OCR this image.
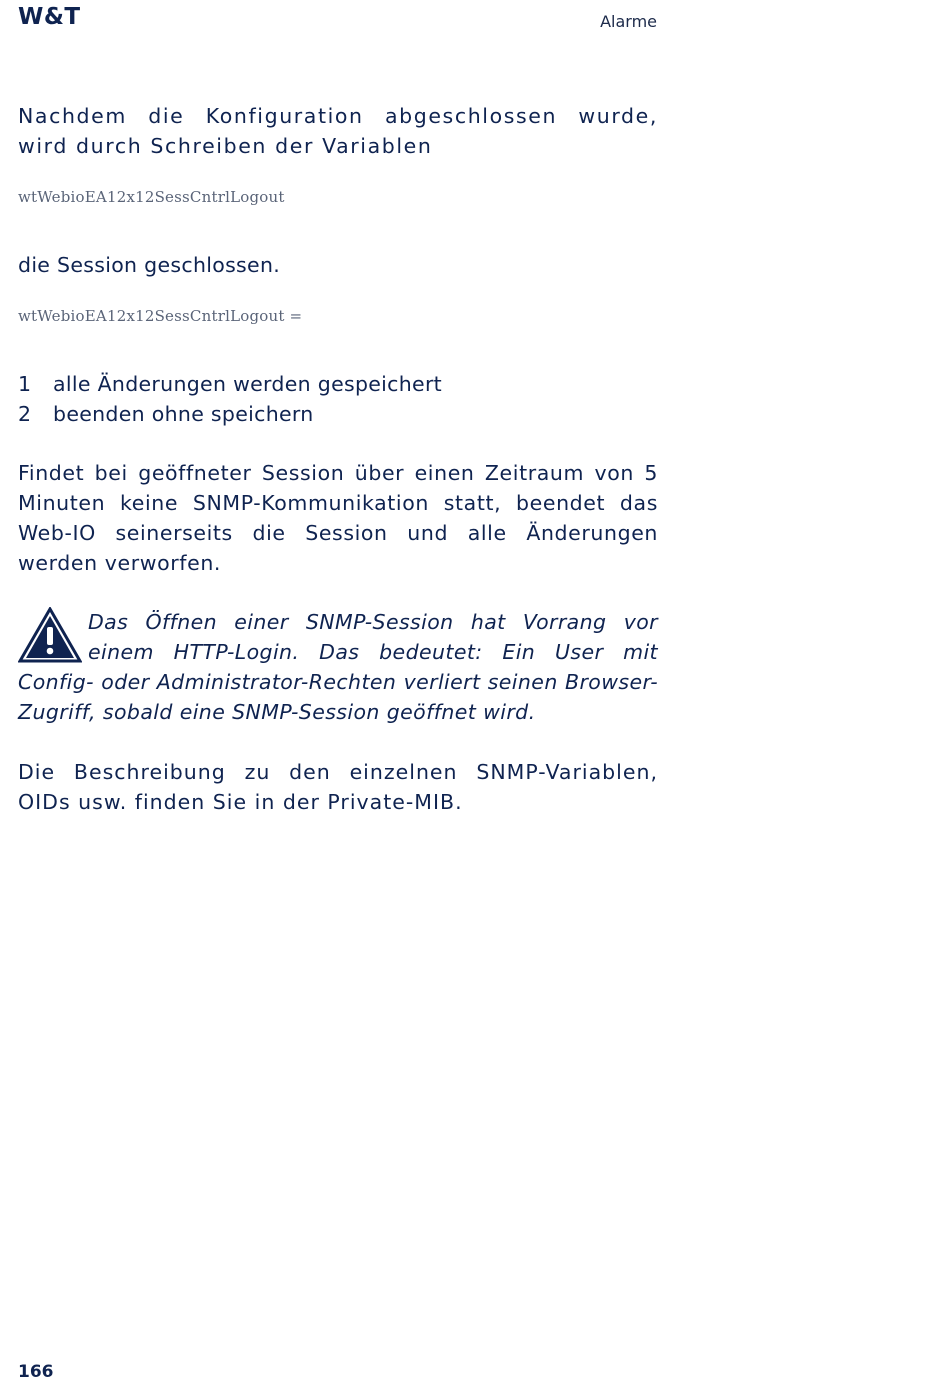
W&T	Alarme
Nachdem die Konfiguration abgeschlossen wurde, wird durch Schreiben der Variablen
wtWebioEA12x12SessCntrlLogout
die Session geschlossen.
wtWebioEA12x12SessCntrlLogout =
1	alle Änderungen werden gespeichert
2	beenden ohne speichern
Findet bei geöffneter Session über einen Zeitraum von 5 Minuten keine SNMP-Kommunikation statt, beendet das Web-IO seinerseits die Session und alle Änderungen werden verworfen.
Das Öffnen einer SNMP-Session hat Vorrang vor einem HTTP-Login. Das bedeutet: Ein User mit Config- oder Administrator-Rechten verliert seinen Browser-Zugriff, sobald eine SNMP-Session geöffnet wird.
Die Beschreibung zu den einzelnen SNMP-Variablen, OIDs usw. finden Sie in der Private-MIB.
166
